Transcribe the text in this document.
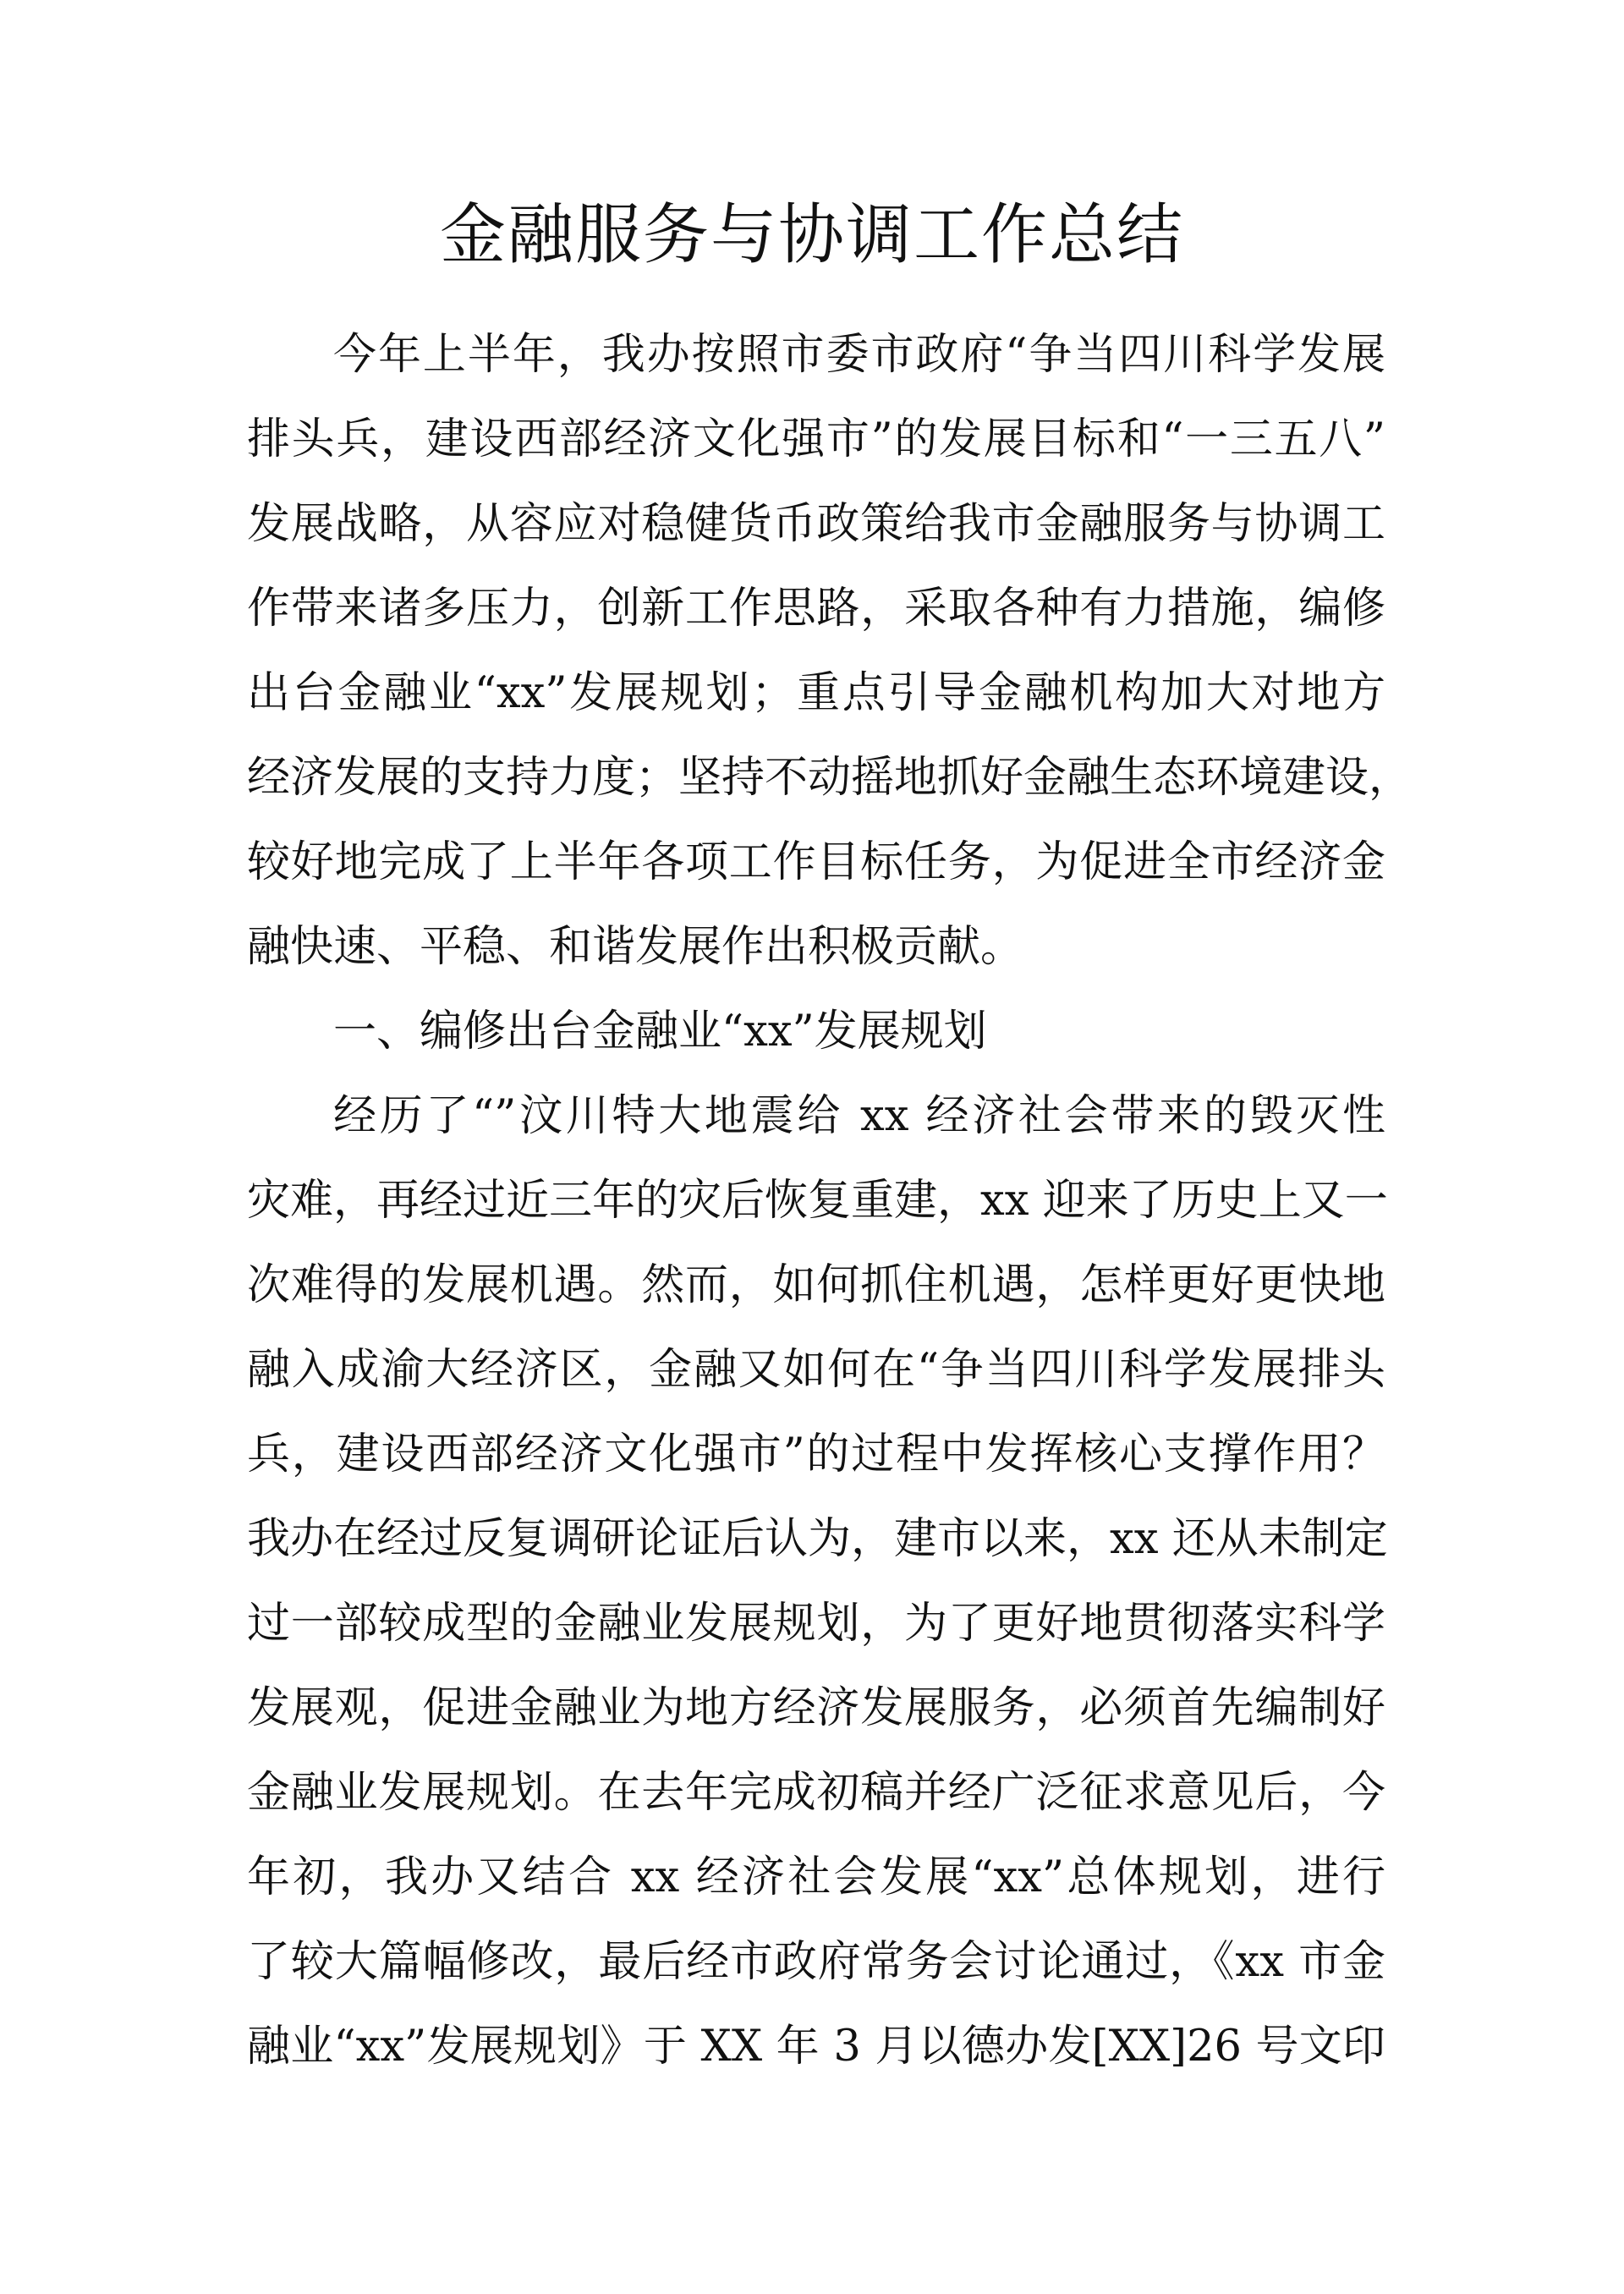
金融服务与协调工作总结
今年上半年，我办按照市委市政府“争当四川科学发展
排头兵，建设西部经济文化强市”的发展目标和“一三五八”
发展战略，从容应对稳健货币政策给我市金融服务与协调工
作带来诸多压力，创新工作思路，采取各种有力措施，编修
出台金融业“xx”发展规划；重点引导金融机构加大对地方
经济发展的支持力度；坚持不动摇地抓好金融生态环境建设，
较好地完成了上半年各项工作目标任务，为促进全市经济金
融快速、平稳、和谐发展作出积极贡献。
一、编修出台金融业“xx”发展规划
经历了“”汶川特大地震给 xx 经济社会带来的毁灭性
灾难，再经过近三年的灾后恢复重建，xx 迎来了历史上又一
次难得的发展机遇。然而，如何抓住机遇，怎样更好更快地
融入成渝大经济区，金融又如何在“争当四川科学发展排头
兵，建设西部经济文化强市”的过程中发挥核心支撑作用？
我办在经过反复调研论证后认为，建市以来，xx 还从未制定
过一部较成型的金融业发展规划，为了更好地贯彻落实科学
发展观，促进金融业为地方经济发展服务，必须首先编制好
金融业发展规划。在去年完成初稿并经广泛征求意见后，今
年初，我办又结合 xx 经济社会发展“xx”总体规划，进行
了较大篇幅修改，最后经市政府常务会讨论通过，《xx 市金
融业“xx”发展规划》于 XX 年 3 月以德办发[XX]26 号文印
